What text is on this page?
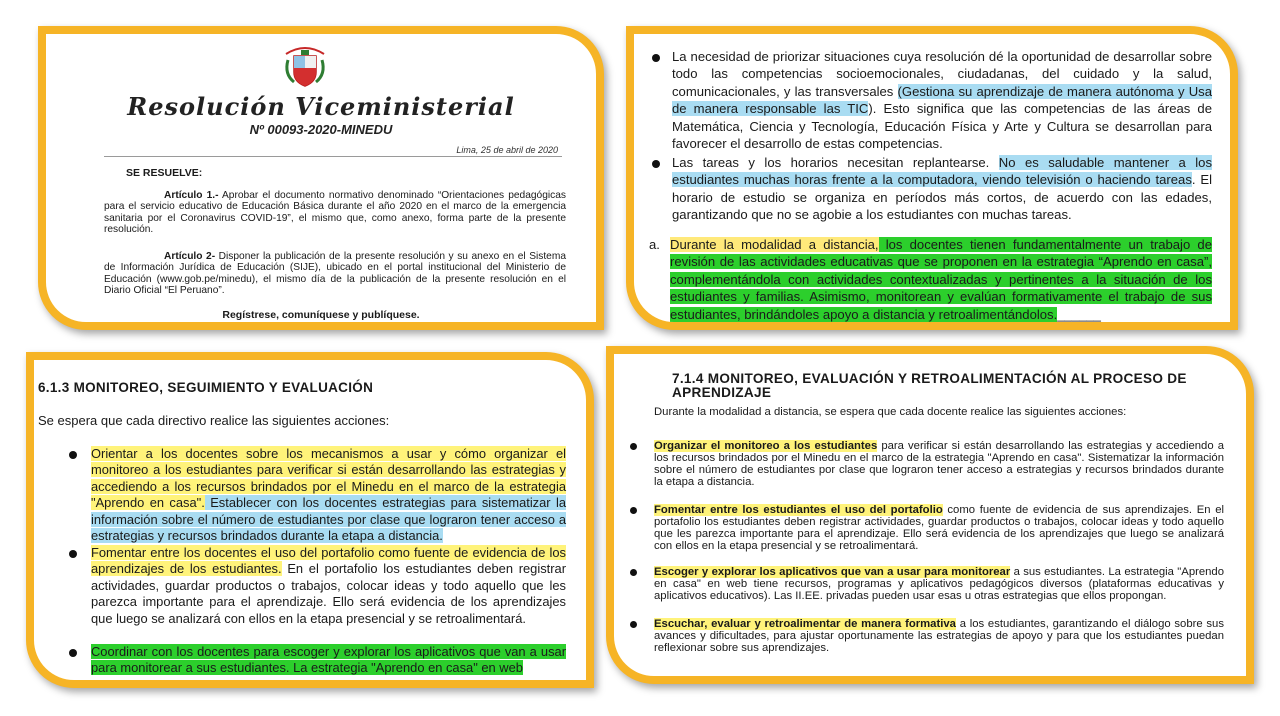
Resolución Viceministerial
Nº 00093-2020-MINEDU
Lima, 25 de abril de 2020
SE RESUELVE:
Artículo 1.- Aprobar el documento normativo denominado “Orientaciones pedagógicas para el servicio educativo de Educación Básica durante el año 2020 en el marco de la emergencia sanitaria por el Coronavirus COVID-19”, el mismo que, como anexo, forma parte de la presente resolución.
Artículo 2- Disponer la publicación de la presente resolución y su anexo en el Sistema de Información Jurídica de Educación (SIJE), ubicado en el portal institucional del Ministerio de Educación (www.gob.pe/minedu), el mismo día de la publicación de la presente resolución en el Diario Oficial “El Peruano”.
Regístrese, comuníquese y publíquese.
La necesidad de priorizar situaciones cuya resolución dé la oportunidad de desarrollar sobre todo las competencias socioemocionales, ciudadanas, del cuidado y la salud, comunicacionales, y las transversales (Gestiona su aprendizaje de manera autónoma y Usa de manera responsable las TIC). Esto significa que las competencias de las áreas de Matemática, Ciencia y Tecnología, Educación Física y Arte y Cultura se desarrollan para favorecer el desarrollo de estas competencias.
Las tareas y los horarios necesitan replantearse. No es saludable mantener a los estudiantes muchas horas frente a la computadora, viendo televisión o haciendo tareas. El horario de estudio se organiza en períodos más cortos, de acuerdo con las edades, garantizando que no se agobie a los estudiantes con muchas tareas.
a. Durante la modalidad a distancia, los docentes tienen fundamentalmente un trabajo de revisión de las actividades educativas que se proponen en la estrategia “Aprendo en casa”, complementándola con actividades contextualizadas y pertinentes a la situación de los estudiantes y familias. Asimismo, monitorean y evalúan formativamente el trabajo de sus estudiantes, brindándoles apoyo a distancia y retroalimentándolos.______
6.1.3 MONITOREO, SEGUIMIENTO Y EVALUACIÓN
Se espera que cada directivo realice las siguientes acciones:
Orientar a los docentes sobre los mecanismos a usar y cómo organizar el monitoreo a los estudiantes para verificar si están desarrollando las estrategias y accediendo a los recursos brindados por el Minedu en el marco de la estrategia "Aprendo en casa". Establecer con los docentes estrategias para sistematizar la información sobre el número de estudiantes por clase que lograron tener acceso a estrategias y recursos brindados durante la etapa a distancia.
Fomentar entre los docentes el uso del portafolio como fuente de evidencia de los aprendizajes de los estudiantes. En el portafolio los estudiantes deben registrar actividades, guardar productos o trabajos, colocar ideas y todo aquello que les parezca importante para el aprendizaje. Ello será evidencia de los aprendizajes que luego se analizará con ellos en la etapa presencial y se retroalimentará.
Coordinar con los docentes para escoger y explorar los aplicativos que van a usar para monitorear a sus estudiantes. La estrategia "Aprendo en casa" en web
7.1.4 MONITOREO, EVALUACIÓN Y RETROALIMENTACIÓN AL PROCESO DE APRENDIZAJE
Durante la modalidad a distancia, se espera que cada docente realice las siguientes acciones:
Organizar el monitoreo a los estudiantes para verificar si están desarrollando las estrategias y accediendo a los recursos brindados por el Minedu en el marco de la estrategia "Aprendo en casa". Sistematizar la información sobre el número de estudiantes por clase que lograron tener acceso a estrategias y recursos brindados durante la etapa a distancia.
Fomentar entre los estudiantes el uso del portafolio como fuente de evidencia de sus aprendizajes. En el portafolio los estudiantes deben registrar actividades, guardar productos o trabajos, colocar ideas y todo aquello que les parezca importante para el aprendizaje. Ello será evidencia de los aprendizajes que luego se analizará con ellos en la etapa presencial y se retroalimentará.
Escoger y explorar los aplicativos que van a usar para monitorear a sus estudiantes. La estrategia "Aprendo en casa" en web tiene recursos, programas y aplicativos pedagógicos diversos (plataformas educativas y aplicativos educativos). Las II.EE. privadas pueden usar esas u otras estrategias que ellos propongan.
Escuchar, evaluar y retroalimentar de manera formativa a los estudiantes, garantizando el diálogo sobre sus avances y dificultades, para ajustar oportunamente las estrategias de apoyo y para que los estudiantes puedan reflexionar sobre sus aprendizajes.
